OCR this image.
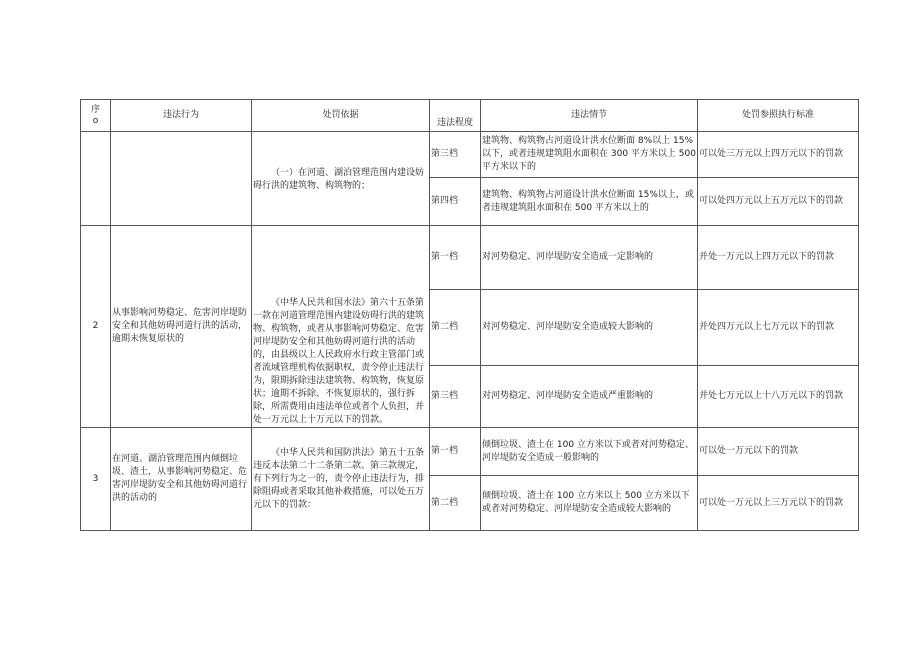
序
o	违法行为	处罚依据	违法程度	违法情节	处罚参照执行标准

		（一）在河道、湖泊管理范围内建设妨碍行洪的建筑物、构筑物的；	第三档	建筑物、构筑物占河道设计洪水位断面 8%以上 15%以下，或者违规建筑阻水面积在 300 平方米以上 500 平方米以下的	可以处三万元以上四万元以下的罚款
			第四档	建筑物、构筑物占河道设计洪水位断面 15%以上，或者违规建筑阻水面积在 500 平方米以上的	可以处四万元以上五万元以下的罚款
2	从事影响河势稳定、危害河岸堤防安全和其他妨碍河道行洪的活动，逾期未恢复原状的	《中华人民共和国水法》第六十五条第一款在河道管理范围内建设妨碍行洪的建筑物、构筑物，或者从事影响河势稳定、危害河岸堤防安全和其他妨碍河道行洪的活动的，由县级以上人民政府水行政主管部门或者流域管理机构依据职权，责令停止违法行为，限期拆除违法建筑物、构筑物，恢复原状；逾期不拆除、不恢复原状的，强行拆除，所需费用由违法单位或者个人负担，并处一万元以上十万元以下的罚款。	第一档	对河势稳定、河岸堤防安全造成一定影响的	并处一万元以上四万元以下的罚款
			第二档	对河势稳定、河岸堤防安全造成较大影响的	并处四万元以上七万元以下的罚款
			第三档	对河势稳定、河岸堤防安全造成严重影响的	并处七万元以上十八万元以下的罚款
3	在河道、湖泊管理范围内倾倒垃圾、渣土，从事影响河势稳定、危害河岸堤防安全和其他妨碍河道行洪的活动的	《中华人民共和国防洪法》第五十五条违反本法第二十二条第二款、第三款规定，有下列行为之一的，责令停止违法行为，排除阻碍或者采取其他补救措施，可以处五万元以下的罚款：	第一档	倾倒垃圾、渣土在 100 立方米以下或者对河势稳定、河岸堤防安全造成一般影响的	可以处一万元以下的罚款
			第二档	倾倒垃圾、渣土在 100 立方米以上 500 立方米以下或者对河势稳定、河岸堤防安全造成较大影响的	可以处一万元以上三万元以下的罚款
